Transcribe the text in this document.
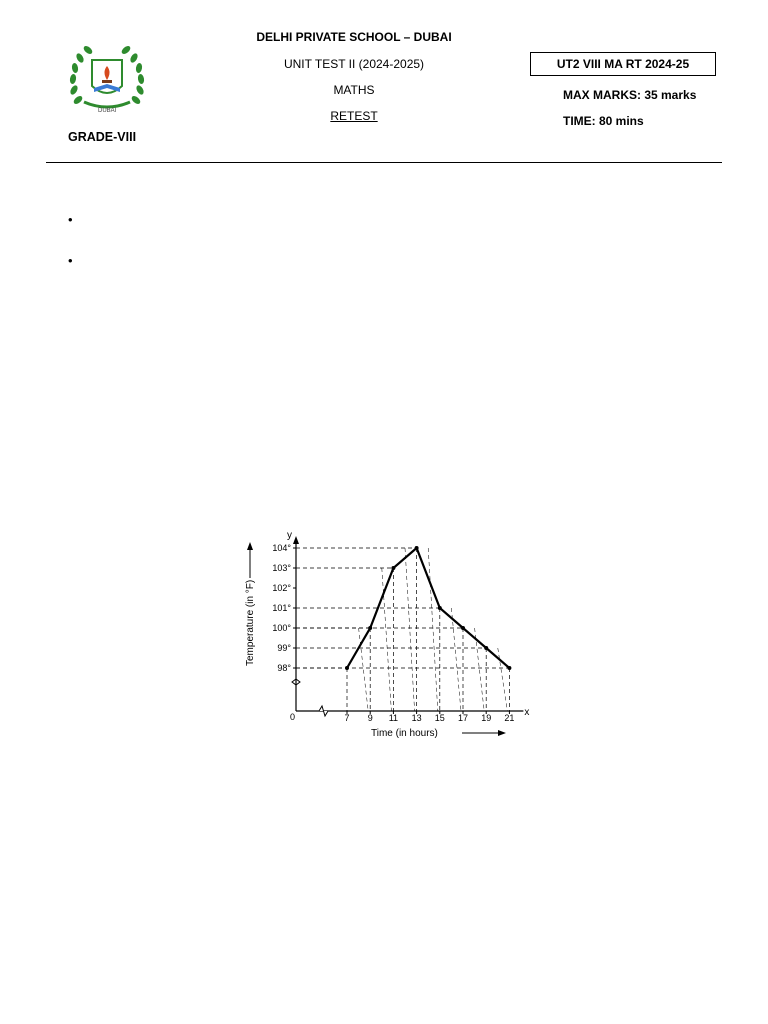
DUBAI
DELHI PRIVATE SCHOOL – DUBAI
UNIT TEST II (2024-2025)
MATHS
RETEST
GRADE-VIII
UT2 VIII MA RT 2024-25
MAX MARKS: 35 marks
TIME: 80 mins
•
•
y
x
0
98°
99°
100°
101°
102°
103°
104°
7 9 11 13 15 17 19 21
Time (in hours)
Temperature (in °F)
